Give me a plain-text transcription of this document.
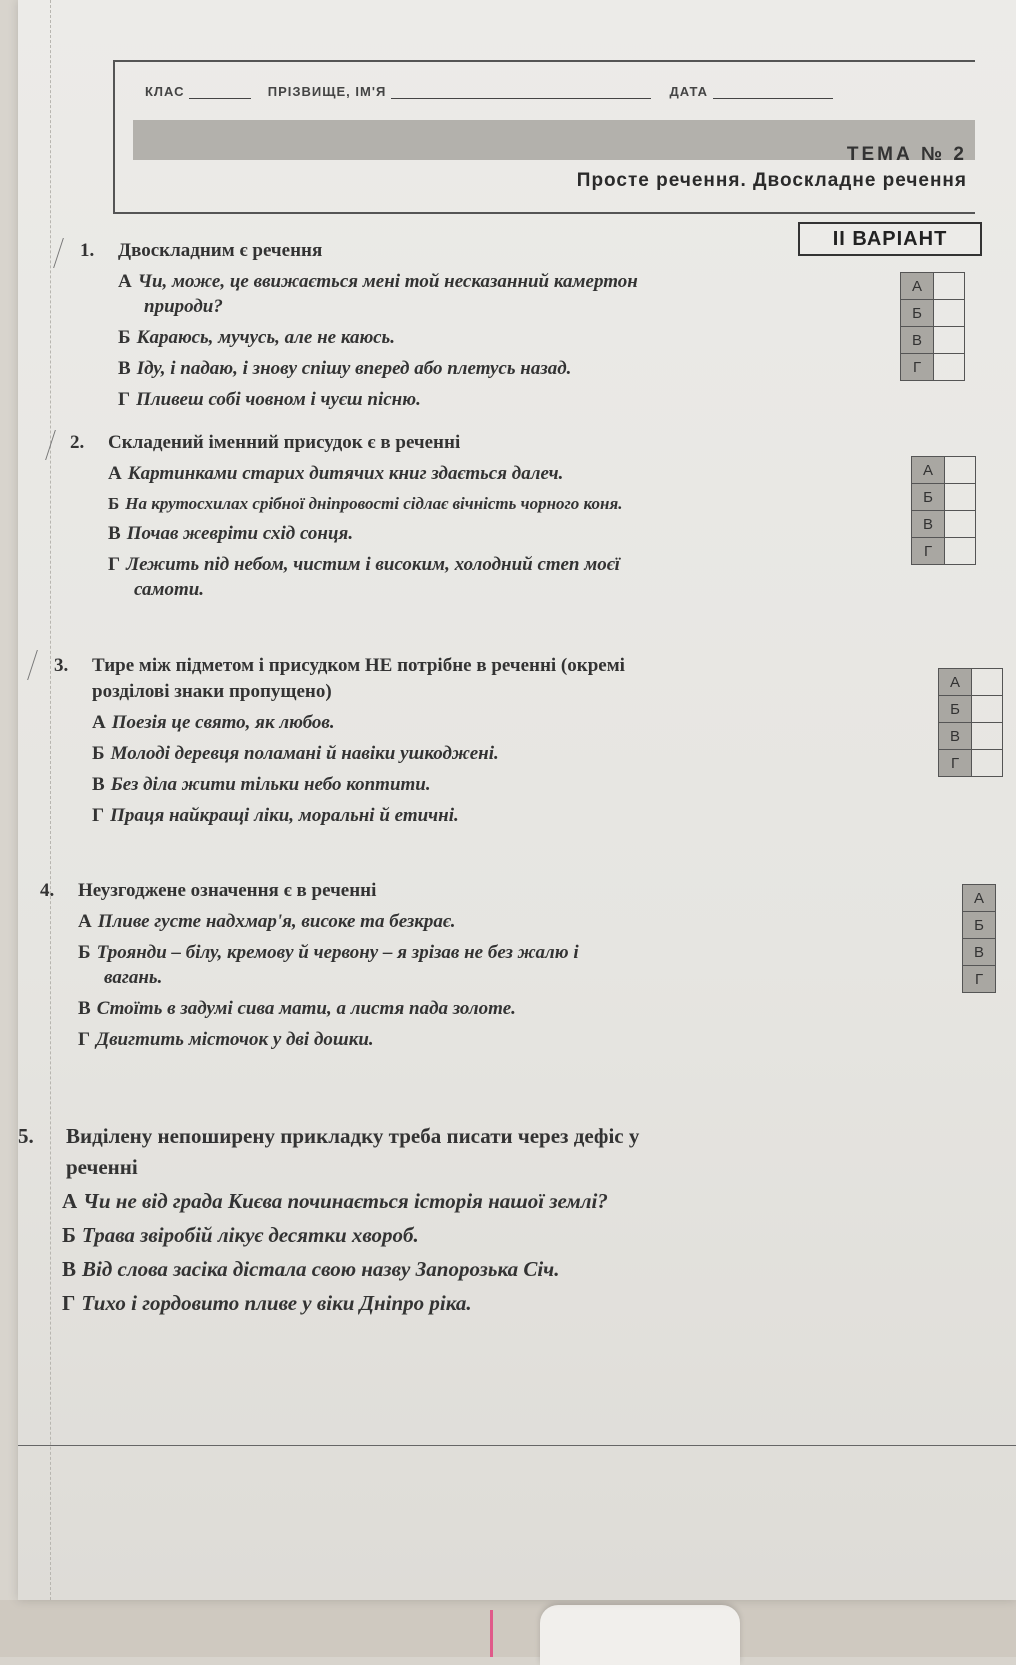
КЛАС	ПРІЗВИЩЕ, ІМ'Я	ДАТА
ТЕМА № 2
Просте речення. Двоскладне речення
II ВАРІАНТ
1. Двоскладним є речення
А Чи, може, це ввижається мені той несказанний камертон
природи?
Б Караюсь, мучусь, але не каюсь.
В Іду, і падаю, і знову спішу вперед або плетусь назад.
Г Пливеш собі човном і чуєш пісню.
А	
Б	
В	
Г	
2. Складений іменний присудок є в реченні
А Картинками старих дитячих книг здається далеч.
Б На крутосхилах срібної дніпровості сідлає вічність чорного коня.
В Почав жевріти схід сонця.
Г Лежить під небом, чистим і високим, холодний степ моєї
самоти.
А	
Б	
В	
Г	
3. Тире між підметом і присудком НЕ потрібне в реченні (окремі
розділові знаки пропущено)
А Поезія це свято, як любов.
Б Молоді деревця поламані й навіки ушкоджені.
В Без діла жити тільки небо коптити.
Г Праця найкращі ліки, моральні й етичні.
А	
Б	
В	
Г	
4. Неузгоджене означення є в реченні
А Пливе густе надхмар'я, високе та безкрає.
Б Троянди – білу, кремову й червону – я зрізав не без жалю і
вагань.
В Стоїть в задумі сива мати, а листя пада золоте.
Г Двигтить місточок у дві дошки.
А
Б
В
Г
5. Виділену непоширену прикладку треба писати через дефіс у
реченні
А Чи не від града Києва починається історія нашої землі?
Б Трава звіробій лікує десятки хвороб.
В Від слова засіка дістала свою назву Запорозька Січ.
Г Тихо і гордовито пливе у віки Дніпро ріка.
